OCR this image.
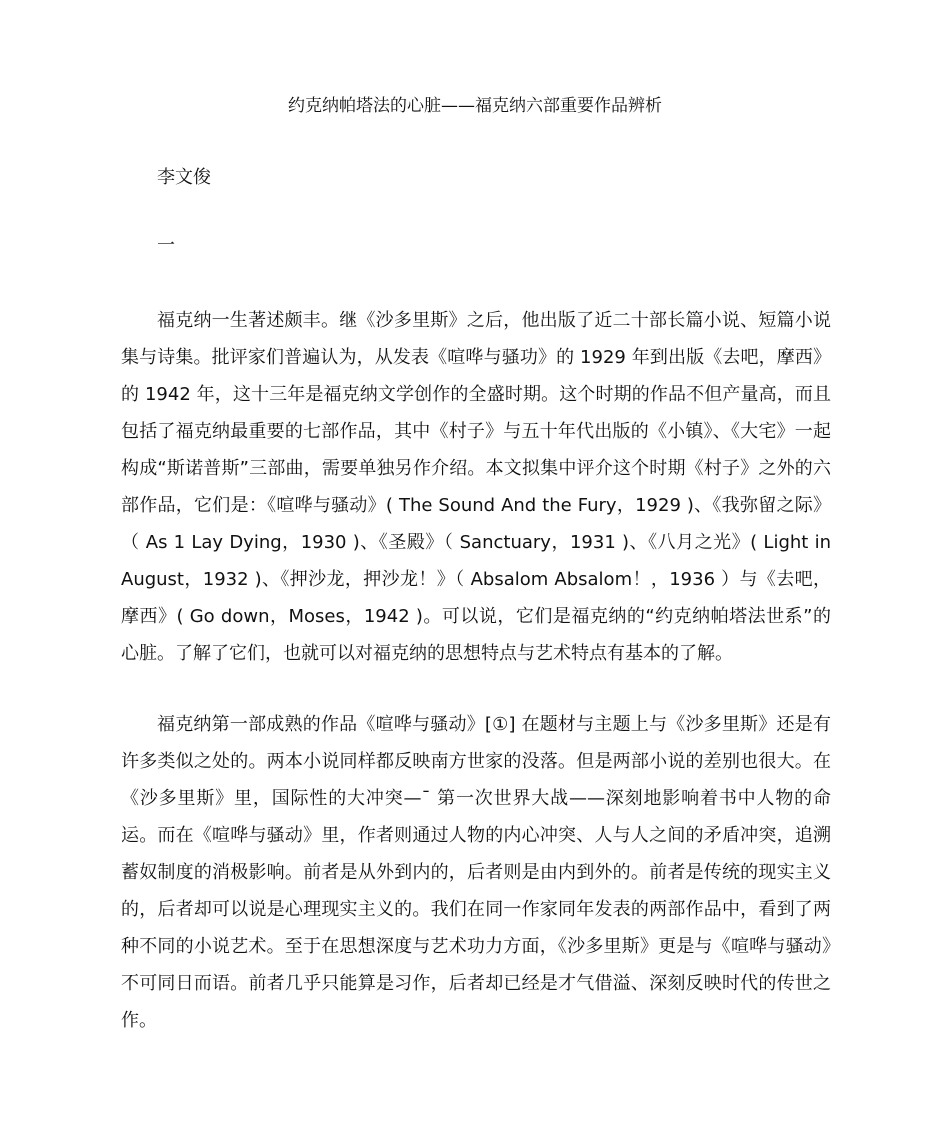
约克纳帕塔法的心脏——福克纳六部重要作品辨析
李文俊
一

福克纳一生著述颇丰。继《沙多里斯》之后，他出版了近二十部长篇小说、短篇小说集与诗集。批评家们普遍认为，从发表《喧哗与骚功》的 1929 年到出版《去吧，摩西》的 1942 年，这十三年是福克纳文学创作的全盛时期。这个时期的作品不但产量高，而且包括了福克纳最重要的七部作品，其中《村子》与五十年代出版的《小镇》、《大宅》一起构成“斯诺普斯”三部曲，需要单独另作介绍。本文拟集中评介这个时期《村子》之外的六部作品，它们是：《喧哗与骚动》( The Sound And the Fury，1929 )、《我弥留之际》（ As 1 Lay Dying，1930 )、《圣殿》（ Sanctuary，1931 )、《八月之光》( Light in August，1932 )、《押沙龙，押沙龙！》（ Absalom Absalom！，1936 ）与《去吧，摩西》( Go down，Moses，1942 )。可以说，它们是福克纳的“约克纳帕塔法世系”的心脏。了解了它们，也就可以对福克纳的思想特点与艺术特点有基本的了解。

福克纳第一部成熟的作品《喧哗与骚动》[①] 在题材与主题上与《沙多里斯》还是有许多类似之处的。两本小说同样都反映南方世家的没落。但是两部小说的差别也很大。在《沙多里斯》里，国际性的大冲突—¯ 第一次世界大战——深刻地影响着书中人物的命运。而在《喧哗与骚动》里，作者则通过人物的内心冲突、人与人之间的矛盾冲突，追溯蓄奴制度的消极影响。前者是从外到内的，后者则是由内到外的。前者是传统的现实主义的，后者却可以说是心理现实主义的。我们在同一作家同年发表的两部作品中，看到了两种不同的小说艺术。至于在思想深度与艺术功力方面，《沙多里斯》更是与《喧哗与骚动》不可同日而语。前者几乎只能算是习作，后者却已经是才气借溢、深刻反映时代的传世之作。
